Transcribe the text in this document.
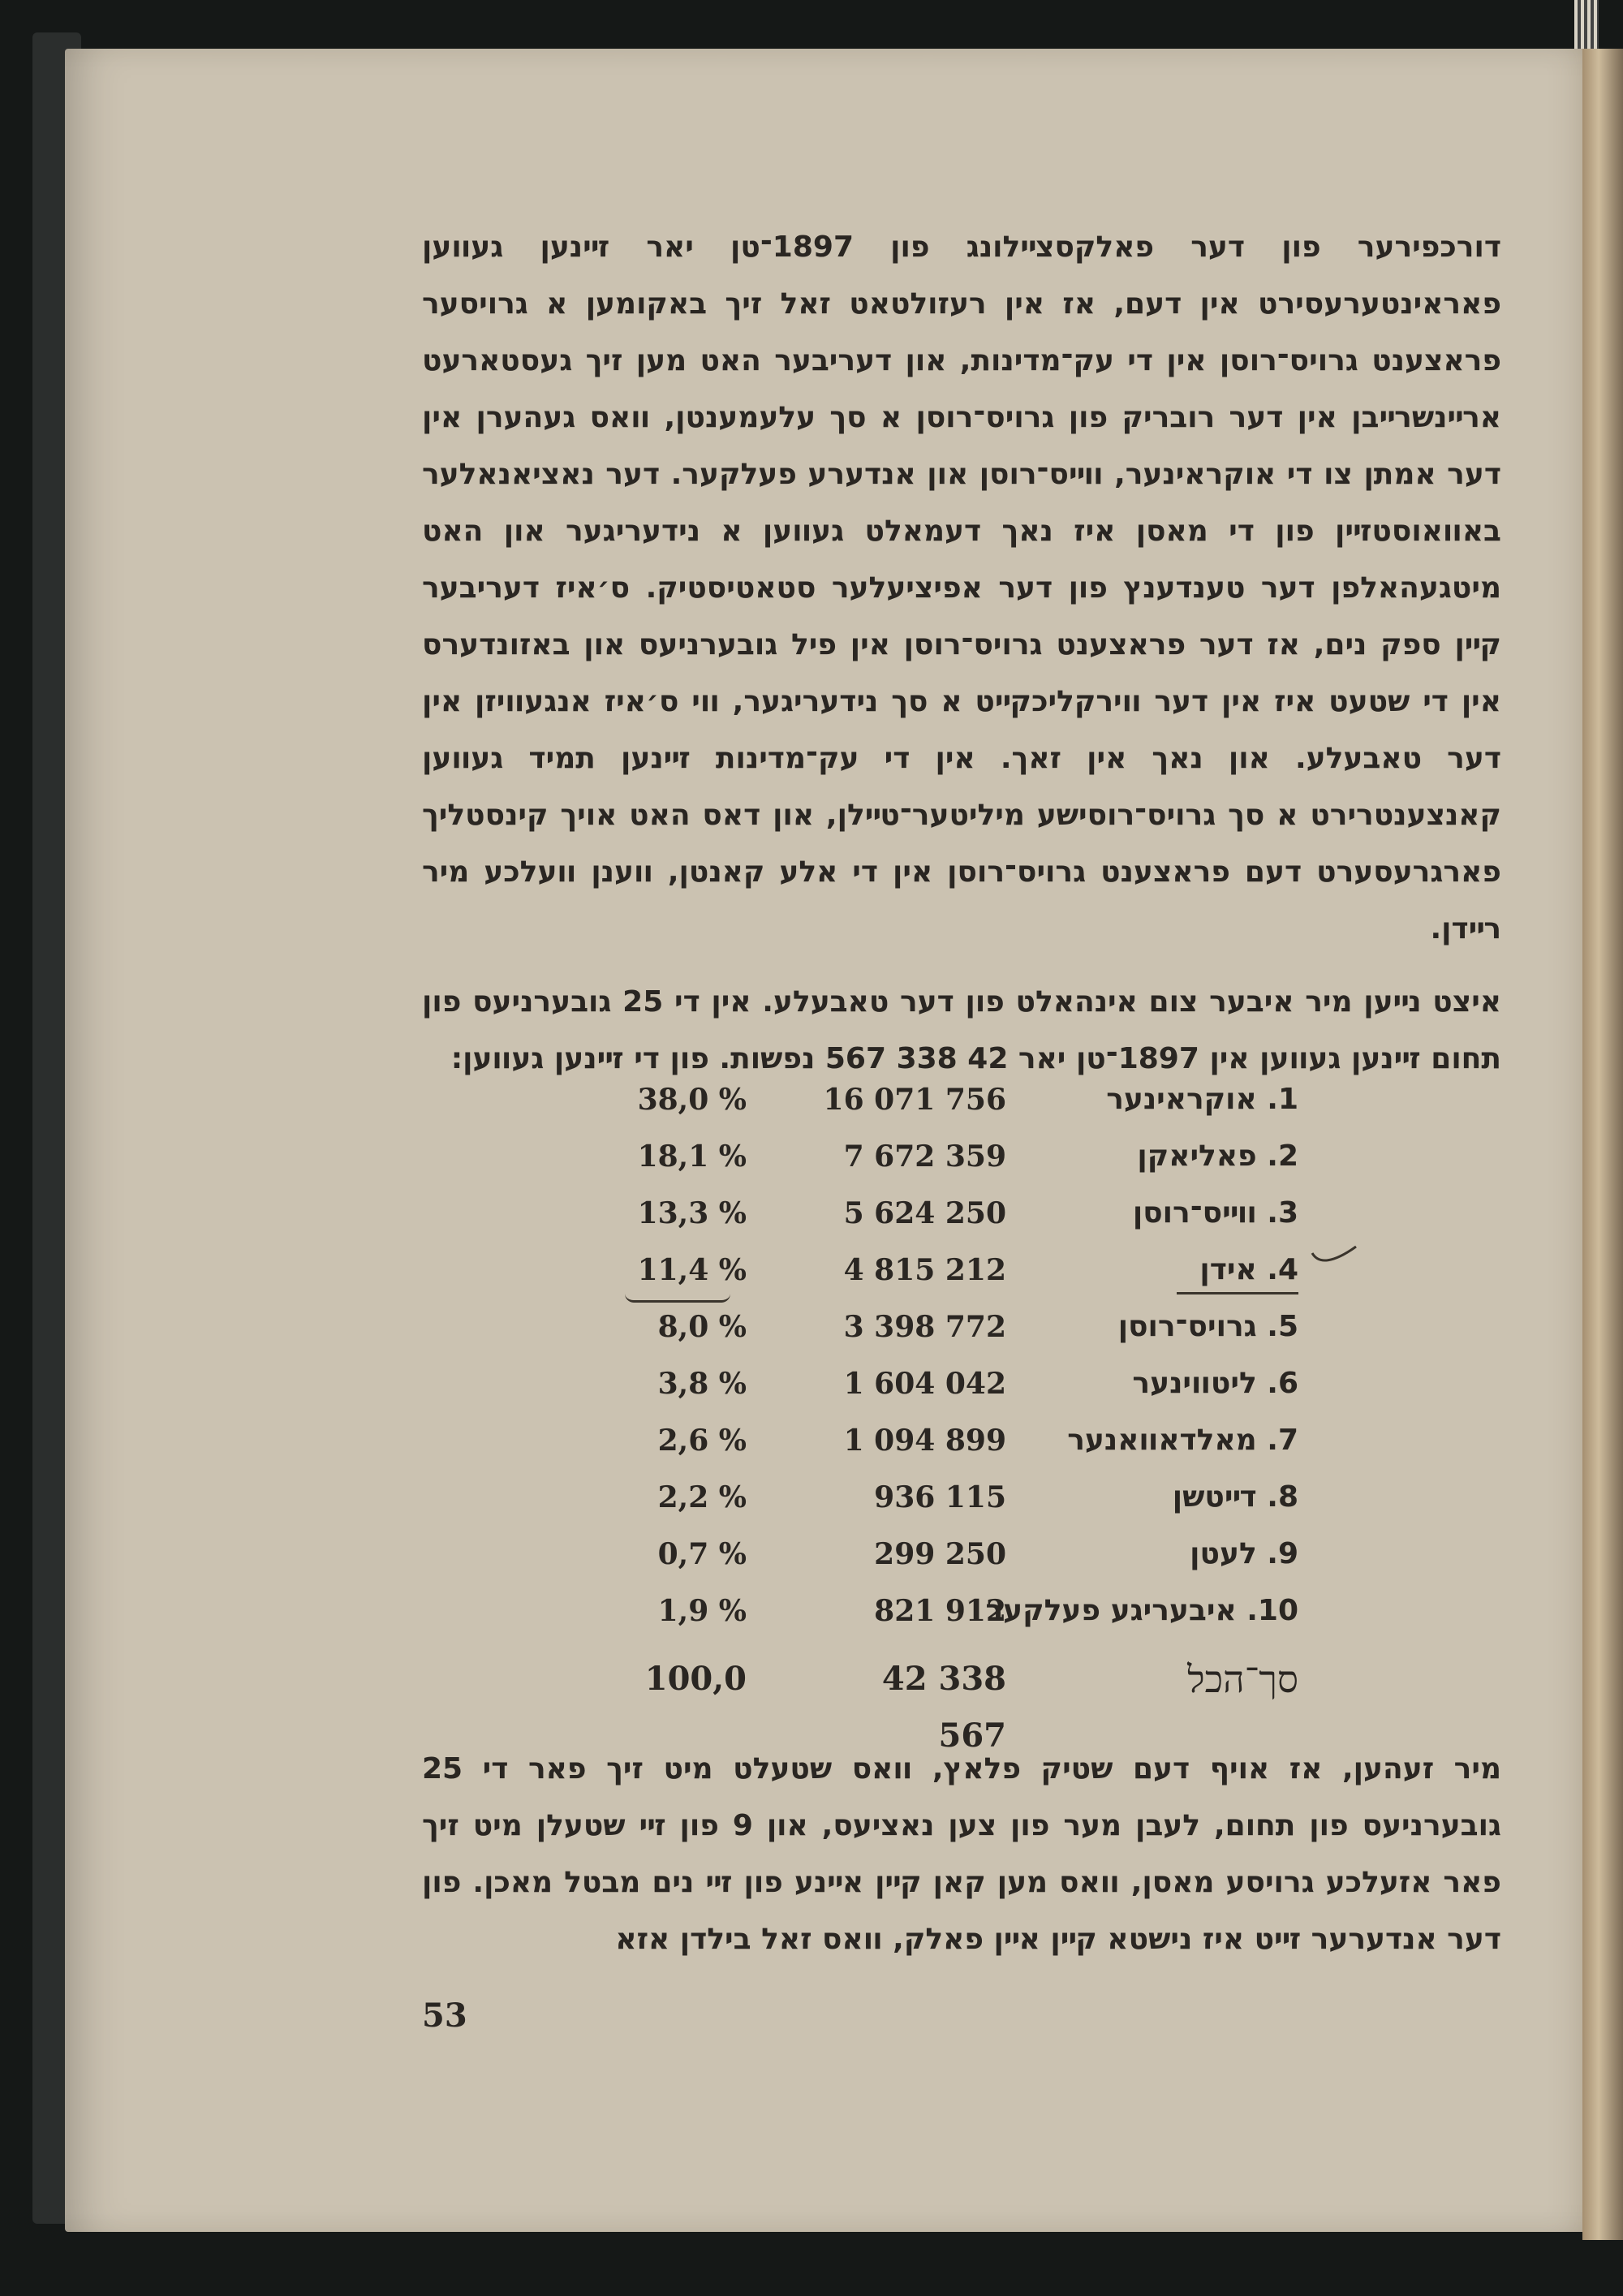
דורכפירער פון דער פאלקסצײלונג פון 1897־טן יאר זײנען געװען פאראינטערעסירט אין דעם, אז אין רעזולטאט זאל זיך באקומען א גרויסער פראצענט גרויס־רוסן אין די עק־מדינות, און דעריבער האט מען זיך געסטארעט ארײנשרײבן אין דער רובריק פון גרויס־רוסן א סך עלעמענטן, װאס געהערן אין דער אמתן צו די אוקראינער, װײס־רוסן און אנדערע פעלקער. דער נאציאנאלער באװאוסטזײן פון די מאסן איז נאך דעמאלט געװען א נידעריגער און האט מיטגעהאלפן דער טענדענץ פון דער אפיציעלער סטאטיסטיק. ס׳איז דעריבער קײן ספק נים, אז דער פראצענט גרויס־רוסן אין פיל גובערניעס און באזונדערס אין די שטעט איז אין דער װירקליכקײט א סך נידעריגער, װי ס׳איז אנגעװיזן אין דער טאבעלע. און נאך אין זאך. אין די עק־מדינות זײנען תמיד געװען קאנצענטרירט א סך גרויס־רוסישע מיליטער־טײלן, און דאס האט אויך קינסטליך פארגרעסערט דעם פראצענט גרויס־רוסן אין די אלע קאנטן, װענן װעלכע מיר רײדן.

איצט נײען מיר איבער צום אינהאלט פון דער טאבעלע. אין די 25 גובערניעס פון תחום זײנען געװען אין 1897־טן יאר 42 338 567 נפשות. פון די זײנען געװען:

1. אוקראינער
16 071 756
38,0 %
2. פאליאקן
7 672 359
18,1 %
3. װײס־רוסן
5 624 250
13,3 %
4. אידן
4 815 212
11,4 %
5. גרויס־רוסן
3 398 772
8,0 %
6. ליטװינער
1 604 042
3,8 %
7. מאלדאװאנער
1 094 899
2,6 %
8. דײטשן
936 115
2,2 %
9. לעטן
299 250
0,7 %
10. איבעריגע פעלקער
821 912
1,9 %
סך־הכל
42 338 567
100,0

מיר זעהען, אז אויף דעם שטיק פלאץ, װאס שטעלט מיט זיך פאר די 25 גובערניעס פון תחום, לעבן מער פון צען נאציעס, און 9 פון זײ שטעלן מיט זיך פאר אזעלכע גרויסע מאסן, װאס מען קאן קײן אײנע פון זײ נים מבטל מאכן. פון דער אנדערער זײט איז נישטא קײן אײן פאלק, װאס זאל בילדן אזא

53
